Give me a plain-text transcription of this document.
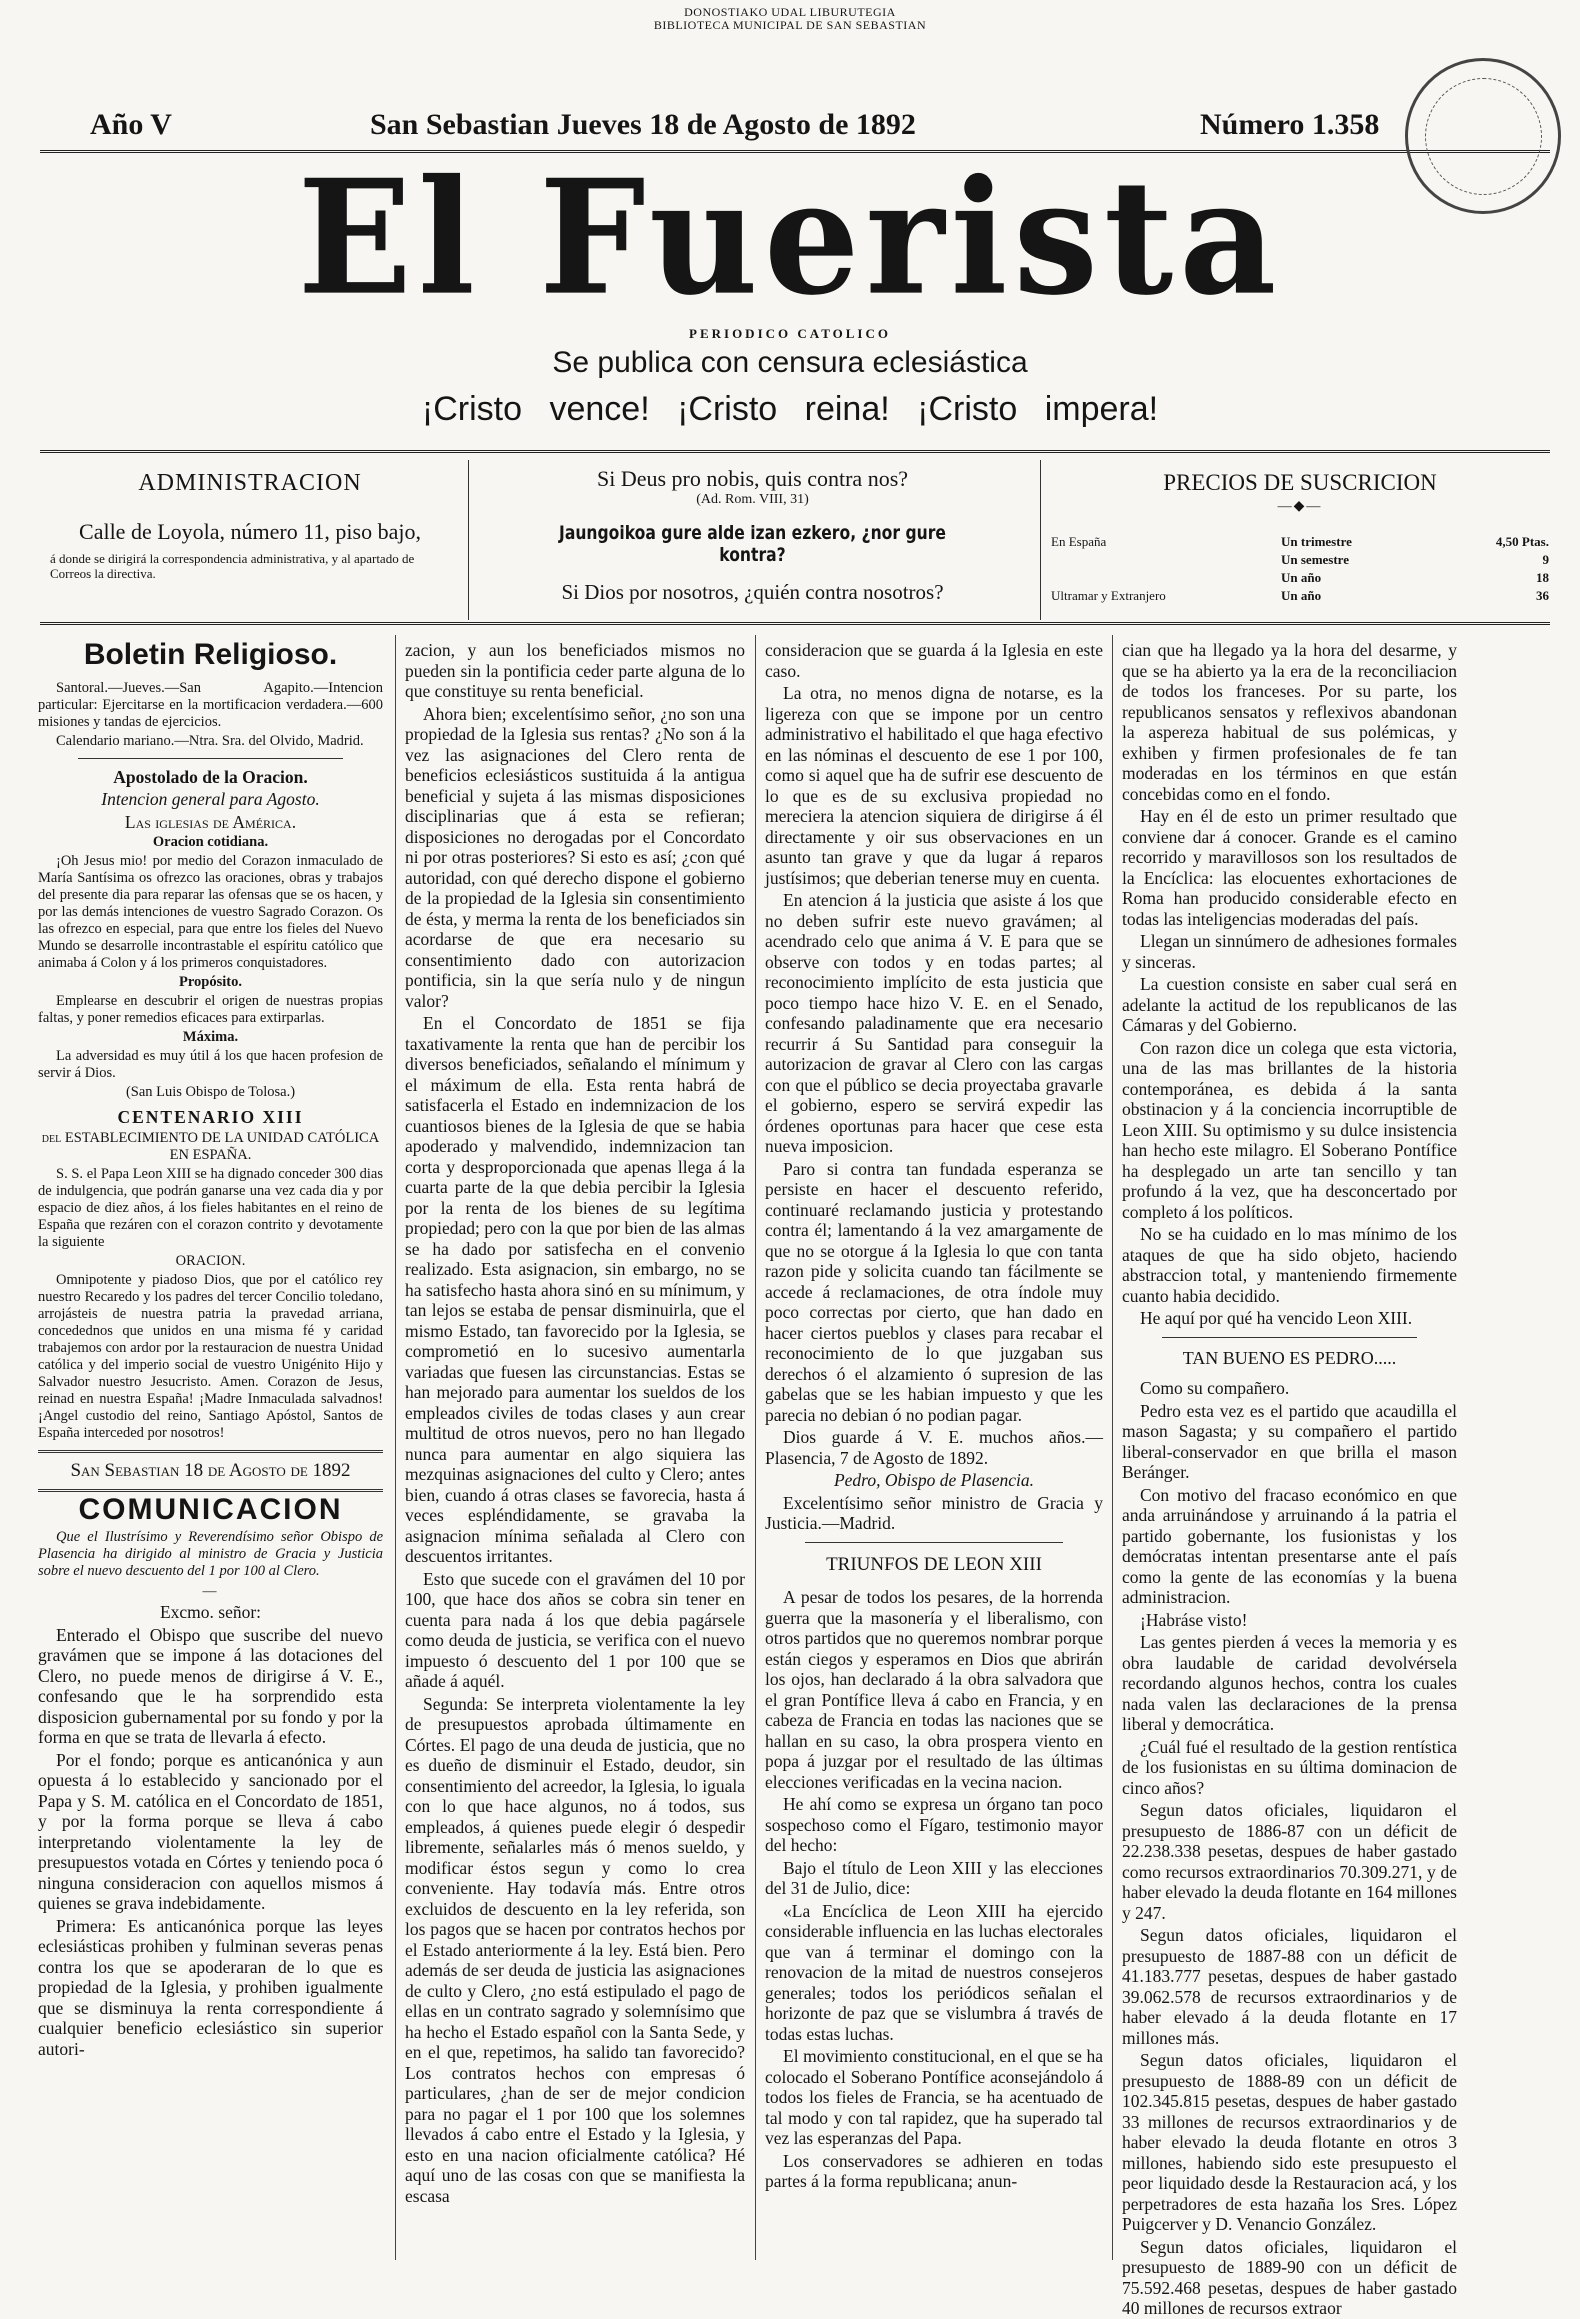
DONOSTIAKO UDAL LIBURUTEGIA
BIBLIOTECA MUNICIPAL DE SAN SEBASTIAN
Año V	San Sebastian Jueves 18 de Agosto de 1892	Número 1.358
El Fuerista
PERIODICO CATOLICO
Se publica con censura eclesiástica
¡Cristo vence! ¡Cristo reina! ¡Cristo impera!
ADMINISTRACION
Calle de Loyola, número 11, piso bajo,
á donde se dirigirá la correspondencia administrativa, y al apartado de Correos la directiva.
Si Deus pro nobis, quis contra nos?
(Ad. Rom. VIII, 31)
Jaungoikoa gure alde izan ezkero, ¿nor gure kontra?
Si Dios por nosotros, ¿quién contra nosotros?
PRECIOS DE SUSCRICION
—◆—
En España	Un trimestre	4,50 Ptas.
	Un semestre	9
	Un año	18
Ultramar y Extranjero	Un año	36
Boletin Religioso.

Santoral.—Jueves.—San Agapito.—Intencion particular: Ejercitarse en la mortificacion verdadera.—600 misiones y tandas de ejercicios.

Calendario mariano.—Ntra. Sra. del Olvido, Madrid.

Apostolado de la Oracion.

Intencion general para Agosto.

Las iglesias de América.

Oracion cotidiana.

¡Oh Jesus mio! por medio del Corazon inmaculado de María Santísima os ofrezco las oraciones, obras y trabajos del presente dia para reparar las ofensas que se os hacen, y por las demás intenciones de vuestro Sagrado Corazon. Os las ofrezco en especial, para que entre los fieles del Nuevo Mundo se desarrolle incontrastable el espíritu católico que animaba á Colon y á los primeros conquistadores.

Propósito.

Emplearse en descubrir el origen de nuestras propias faltas, y poner remedios eficaces para extirparlas.

Máxima.

La adversidad es muy útil á los que hacen profesion de servir á Dios.

(San Luis Obispo de Tolosa.)

CENTENARIO XIII

del ESTABLECIMIENTO DE LA UNIDAD CATÓLICA EN ESPAÑA.

S. S. el Papa Leon XIII se ha dignado conceder 300 dias de indulgencia, que podrán ganarse una vez cada dia y por espacio de diez años, á los fieles habitantes en el reino de España que rezáren con el corazon contrito y devotamente la siguiente

ORACION.

Omnipotente y piadoso Dios, que por el católico rey nuestro Recaredo y los padres del tercer Concilio toledano, arrojásteis de nuestra patria la pravedad arriana, concedednos que unidos en una misma fé y caridad trabajemos con ardor por la restauracion de nuestra Unidad católica y del imperio social de vuestro Unigénito Hijo y Salvador nuestro Jesucristo. Amen. Corazon de Jesus, reinad en nuestra España! ¡Madre Inmaculada salvadnos! ¡Angel custodio del reino, Santiago Apóstol, Santos de España interceded por nosotros!

San Sebastian 18 de Agosto de 1892

COMUNICACION

Que el Ilustrísimo y Reverendísimo señor Obispo de Plasencia ha dirigido al ministro de Gracia y Justicia sobre el nuevo descuento del 1 por 100 al Clero.

—

Excmo. señor:

Enterado el Obispo que suscribe del nuevo gravámen que se impone á las dotaciones del Clero, no puede menos de dirigirse á V. E., confesando que le ha sorprendido esta disposicion gubernamental por su fondo y por la forma en que se trata de llevarla á efecto.

Por el fondo; porque es anticanónica y aun opuesta á lo establecido y sancionado por el Papa y S. M. católica en el Concordato de 1851, y por la forma porque se lleva á cabo interpretando violentamente la ley de presupuestos votada en Córtes y teniendo poca ó ninguna consideracion con aquellos mismos á quienes se grava indebidamente.

Primera: Es anticanónica porque las leyes eclesiásticas prohiben y fulminan severas penas contra los que se apoderaran de lo que es propiedad de la Iglesia, y prohiben igualmente que se disminuya la renta correspondiente á cualquier beneficio eclesiástico sin superior autori-

zacion, y aun los beneficiados mismos no pueden sin la pontificia ceder parte alguna de lo que constituye su renta beneficial.

Ahora bien; excelentísimo señor, ¿no son una propiedad de la Iglesia sus rentas? ¿No son á la vez las asignaciones del Clero renta de beneficios eclesiásticos sustituida á la antigua beneficial y sujeta á las mismas disposiciones disciplinarias que á esta se refieran; disposiciones no derogadas por el Concordato ni por otras posteriores? Si esto es así; ¿con qué autoridad, con qué derecho dispone el gobierno de la propiedad de la Iglesia sin consentimiento de ésta, y merma la renta de los beneficiados sin acordarse de que era necesario su consentimiento dado con autorizacion pontificia, sin la que sería nulo y de ningun valor?

En el Concordato de 1851 se fija taxativamente la renta que han de percibir los diversos beneficiados, señalando el mínimum y el máximum de ella. Esta renta habrá de satisfacerla el Estado en indemnizacion de los cuantiosos bienes de la Iglesia de que se habia apoderado y malvendido, indemnizacion tan corta y desproporcionada que apenas llega á la cuarta parte de la que debia percibir la Iglesia por la renta de los bienes de su legítima propiedad; pero con la que por bien de las almas se ha dado por satisfecha en el convenio realizado. Esta asignacion, sin embargo, no se ha satisfecho hasta ahora sinó en su mínimum, y tan lejos se estaba de pensar disminuirla, que el mismo Estado, tan favorecido por la Iglesia, se comprometió en lo sucesivo aumentarla variadas que fuesen las circunstancias. Estas se han mejorado para aumentar los sueldos de los empleados civiles de todas clases y aun crear multitud de otros nuevos, pero no han llegado nunca para aumentar en algo siquiera las mezquinas asignaciones del culto y Clero; antes bien, cuando á otras clases se favorecia, hasta á veces espléndidamente, se gravaba la asignacion mínima señalada al Clero con descuentos irritantes.

Esto que sucede con el gravámen del 10 por 100, que hace dos años se cobra sin tener en cuenta para nada á los que debia pagársele como deuda de justicia, se verifica con el nuevo impuesto ó descuento del 1 por 100 que se añade á aquél.

Segunda: Se interpreta violentamente la ley de presupuestos aprobada últimamente en Córtes. El pago de una deuda de justicia, que no es dueño de disminuir el Estado, deudor, sin consentimiento del acreedor, la Iglesia, lo iguala con lo que hace algunos, no á todos, sus empleados, á quienes puede elegir ó despedir libremente, señalarles más ó menos sueldo, y modificar éstos segun y como lo crea conveniente. Hay todavía más. Entre otros excluidos de descuento en la ley referida, son los pagos que se hacen por contratos hechos por el Estado anteriormente á la ley. Está bien. Pero además de ser deuda de justicia las asignaciones de culto y Clero, ¿no está estipulado el pago de ellas en un contrato sagrado y solemnísimo que ha hecho el Estado español con la Santa Sede, y en el que, repetimos, ha salido tan favorecido? Los contratos hechos con empresas ó particulares, ¿han de ser de mejor condicion para no pagar el 1 por 100 que los solemnes llevados á cabo entre el Estado y la Iglesia, y esto en una nacion oficialmente católica? Hé aquí uno de las cosas con que se manifiesta la escasa

consideracion que se guarda á la Iglesia en este caso.

La otra, no menos digna de notarse, es la ligereza con que se impone por un centro administrativo el habilitado el que haga efectivo en las nóminas el descuento de ese 1 por 100, como si aquel que ha de sufrir ese descuento de lo que es de su exclusiva propiedad no mereciera la atencion siquiera de dirigirse á él directamente y oir sus observaciones en un asunto tan grave y que da lugar á reparos justísimos; que deberian tenerse muy en cuenta.

En atencion á la justicia que asiste á los que no deben sufrir este nuevo gravámen; al acendrado celo que anima á V. E para que se observe con todos y en todas partes; al reconocimiento implícito de esta justicia que poco tiempo hace hizo V. E. en el Senado, confesando paladinamente que era necesario recurrir á Su Santidad para conseguir la autorizacion de gravar al Clero con las cargas con que el público se decia proyectaba gravarle el gobierno, espero se servirá expedir las órdenes oportunas para hacer que cese esta nueva imposicion.

Paro si contra tan fundada esperanza se persiste en hacer el descuento referido, continuaré reclamando justicia y protestando contra él; lamentando á la vez amargamente de que no se otorgue á la Iglesia lo que con tanta razon pide y solicita cuando tan fácilmente se accede á reclamaciones, de otra índole muy poco correctas por cierto, que han dado en hacer ciertos pueblos y clases para recabar el reconocimiento de lo que juzgaban sus derechos ó el alzamiento ó supresion de las gabelas que se les habian impuesto y que les parecia no debian ó no podian pagar.

Dios guarde á V. E. muchos años.—Plasencia, 7 de Agosto de 1892.

Pedro, Obispo de Plasencia.

Excelentísimo señor ministro de Gracia y Justicia.—Madrid.

TRIUNFOS DE LEON XIII

A pesar de todos los pesares, de la horrenda guerra que la masonería y el liberalismo, con otros partidos que no queremos nombrar porque están ciegos y esperamos en Dios que abrirán los ojos, han declarado á la obra salvadora que el gran Pontífice lleva á cabo en Francia, y en cabeza de Francia en todas las naciones que se hallan en su caso, la obra prospera viento en popa á juzgar por el resultado de las últimas elecciones verificadas en la vecina nacion.

He ahí como se expresa un órgano tan poco sospechoso como el Fígaro, testimonio mayor del hecho:

Bajo el título de Leon XIII y las elecciones del 31 de Julio, dice:

«La Encíclica de Leon XIII ha ejercido considerable influencia en las luchas electorales que van á terminar el domingo con la renovacion de la mitad de nuestros consejeros generales; todos los periódicos señalan el horizonte de paz que se vislumbra á través de todas estas luchas.

El movimiento constitucional, en el que se ha colocado el Soberano Pontífice aconsejándolo á todos los fieles de Francia, se ha acentuado de tal modo y con tal rapidez, que ha superado tal vez las esperanzas del Papa.

Los conservadores se adhieren en todas partes á la forma republicana; anun-

cian que ha llegado ya la hora del desarme, y que se ha abierto ya la era de la reconciliacion de todos los franceses. Por su parte, los republicanos sensatos y reflexivos abandonan la aspereza habitual de sus polémicas, y exhiben y firmen profesionales de fe tan moderadas en los términos en que están concebidas como en el fondo.

Hay en él de esto un primer resultado que conviene dar á conocer. Grande es el camino recorrido y maravillosos son los resultados de la Encíclica: las elocuentes exhortaciones de Roma han producido considerable efecto en todas las inteligencias moderadas del país.

Llegan un sinnúmero de adhesiones formales y sinceras.

La cuestion consiste en saber cual será en adelante la actitud de los republicanos de las Cámaras y del Gobierno.

Con razon dice un colega que esta victoria, una de las mas brillantes de la historia contemporánea, es debida á la santa obstinacion y á la conciencia incorruptible de Leon XIII. Su optimismo y su dulce insistencia han hecho este milagro. El Soberano Pontífice ha desplegado un arte tan sencillo y tan profundo á la vez, que ha desconcertado por completo á los políticos.

No se ha cuidado en lo mas mínimo de los ataques de que ha sido objeto, haciendo abstraccion total, y manteniendo firmemente cuanto habia decidido.

He aquí por qué ha vencido Leon XIII.

TAN BUENO ES PEDRO.....

Como su compañero.

Pedro esta vez es el partido que acaudilla el mason Sagasta; y su compañero el partido liberal-conservador en que brilla el mason Beránger.

Con motivo del fracaso económico en que anda arruinándose y arruinando á la patria el partido gobernante, los fusionistas y los demócratas intentan presentarse ante el país como la gente de las economías y la buena administracion.

¡Habráse visto!

Las gentes pierden á veces la memoria y es obra laudable de caridad devolvérsela recordando algunos hechos, contra los cuales nada valen las declaraciones de la prensa liberal y democrática.

¿Cuál fué el resultado de la gestion rentística de los fusionistas en su última dominacion de cinco años?

Segun datos oficiales, liquidaron el presupuesto de 1886-87 con un déficit de 22.238.338 pesetas, despues de haber gastado como recursos extraordinarios 70.309.271, y de haber elevado la deuda flotante en 164 millones y 247.

Segun datos oficiales, liquidaron el presupuesto de 1887-88 con un déficit de 41.183.777 pesetas, despues de haber gastado 39.062.578 de recursos extraordinarios y de haber elevado á la deuda flotante en 17 millones más.

Segun datos oficiales, liquidaron el presupuesto de 1888-89 con un déficit de 102.345.815 pesetas, despues de haber gastado 33 millones de recursos extraordinarios y de haber elevado la deuda flotante en otros 3 millones, habiendo sido este presupuesto el peor liquidado desde la Restauracion acá, y los perpetradores de esta hazaña los Sres. López Puigcerver y D. Venancio González.

Segun datos oficiales, liquidaron el presupuesto de 1889-90 con un déficit de 75.592.468 pesetas, despues de haber gastado 40 millones de recursos extraor
